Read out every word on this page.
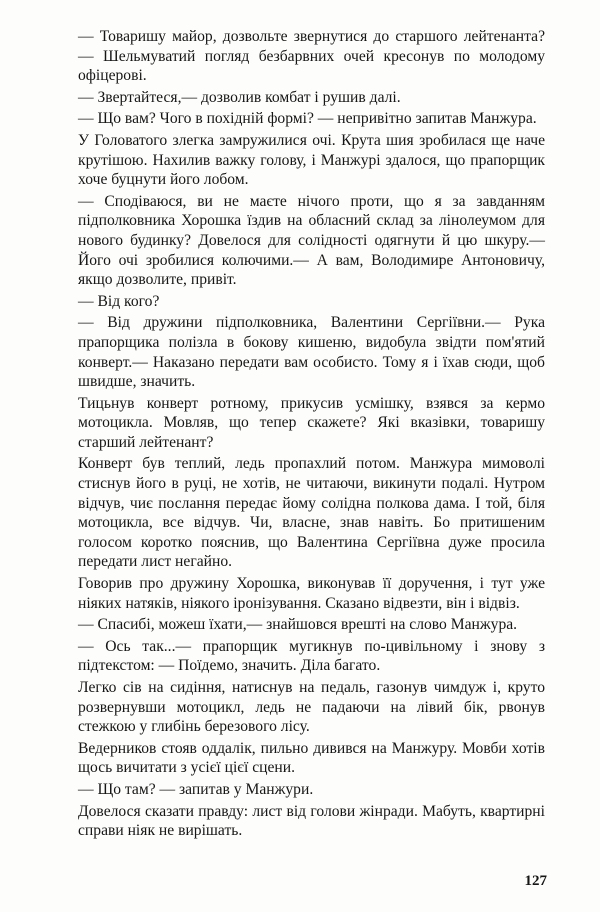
— Товаришу майор, дозвольте звернутися до старшого лейтенанта? — Шельмуватий погляд безбарвних очей кресонув по молодому офіцерові.

— Звертайтеся,— дозволив комбат і рушив далі.

— Що вам? Чого в похідній формі? — непривітно запитав Манжура.

У Головатого злегка замружилися очі. Крута шия зробилася ще наче крутішою. Нахилив важку голову, і Манжурі здалося, що прапорщик хоче буцнути його лобом.

— Сподіваюся, ви не маєте нічого проти, що я за завданням підполковника Хорошка їздив на обласний склад за лінолеумом для нового будинку? Довелося для солідності одягнути й цю шкуру.— Його очі зробилися колючими.— А вам, Володимире Антоновичу, якщо дозволите, привіт.

— Від кого?

— Від дружини підполковника, Валентини Сергіївни.— Рука прапорщика полізла в бокову кишеню, видобула звідти пом'ятий конверт.— Наказано передати вам особисто. Тому я і їхав сюди, щоб швидше, значить.

Тицьнув конверт ротному, прикусив усмішку, взявся за кермо мотоцикла. Мовляв, що тепер скажете? Які вказівки, товаришу старший лейтенант?

Конверт був теплий, ледь пропахлий потом. Манжура мимоволі стиснув його в руці, не хотів, не читаючи, викинути подалі. Нутром відчув, чиє послання передає йому солідна полкова дама. І той, біля мотоцикла, все відчув. Чи, власне, знав навіть. Бо притишеним голосом коротко пояснив, що Валентина Сергіївна дуже просила передати лист негайно.

Говорив про дружину Хорошка, виконував її доручення, і тут уже ніяких натяків, ніякого іронізування. Сказано відвезти, він і відвіз.

— Спасибі, можеш їхати,— знайшовся врешті на слово Манжура.

— Ось так...— прапорщик мугикнув по-цивільному і знову з підтекстом: — Поїдемо, значить. Діла багато.

Легко сів на сидіння, натиснув на педаль, газонув чимдуж і, круто розвернувши мотоцикл, ледь не падаючи на лівий бік, рвонув стежкою у глибінь березового лісу.

Ведерников стояв оддалік, пильно дивився на Манжуру. Мовби хотів щось вичитати з усієї цієї сцени.

— Що там? — запитав у Манжури.

Довелося сказати правду: лист від голови жінради. Мабуть, квартирні справи ніяк не вирішать.

127
